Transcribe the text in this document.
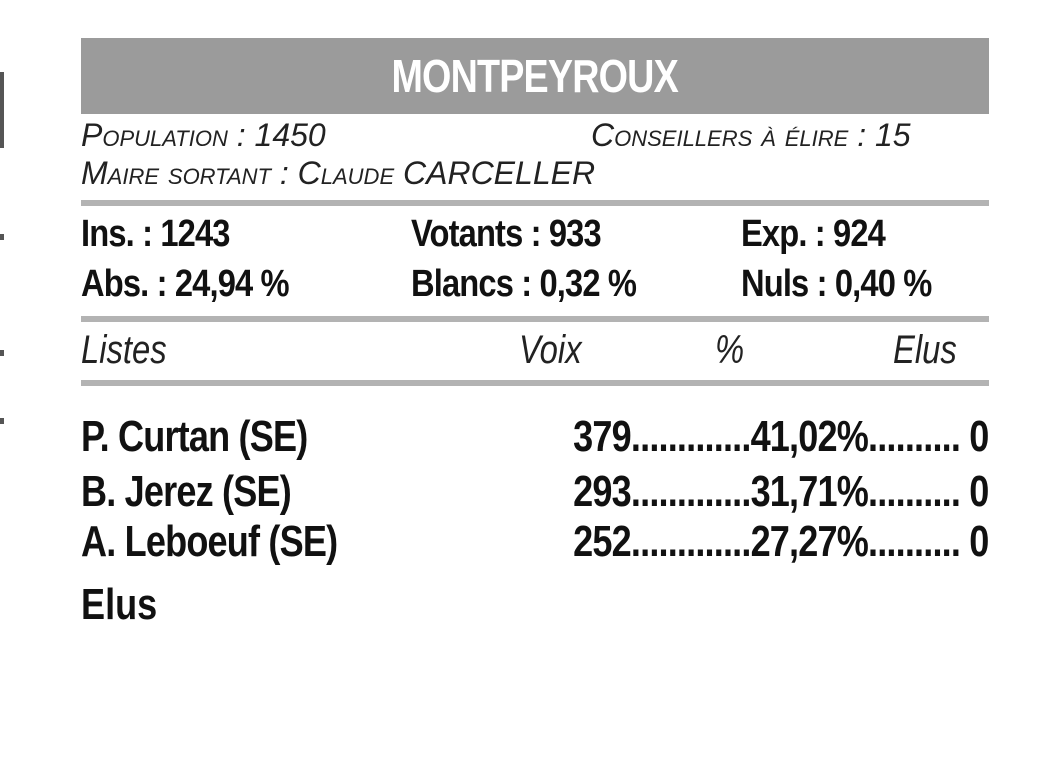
MONTPEYROUX
Population : 1450	Conseillers à élire : 15
Maire sortant : Claude CARCELLER
Ins. : 1243	Votants : 933	Exp. : 924
Abs. : 24,94 %	Blancs : 0,32 %	Nuls : 0,40 %
Listes	Voix	%	Elus
P. Curtan (SE)	379.............41,02%.......... 0
B. Jerez (SE)	293.............31,71%.......... 0
A. Leboeuf (SE)	252.............27,27%.......... 0
Elus
